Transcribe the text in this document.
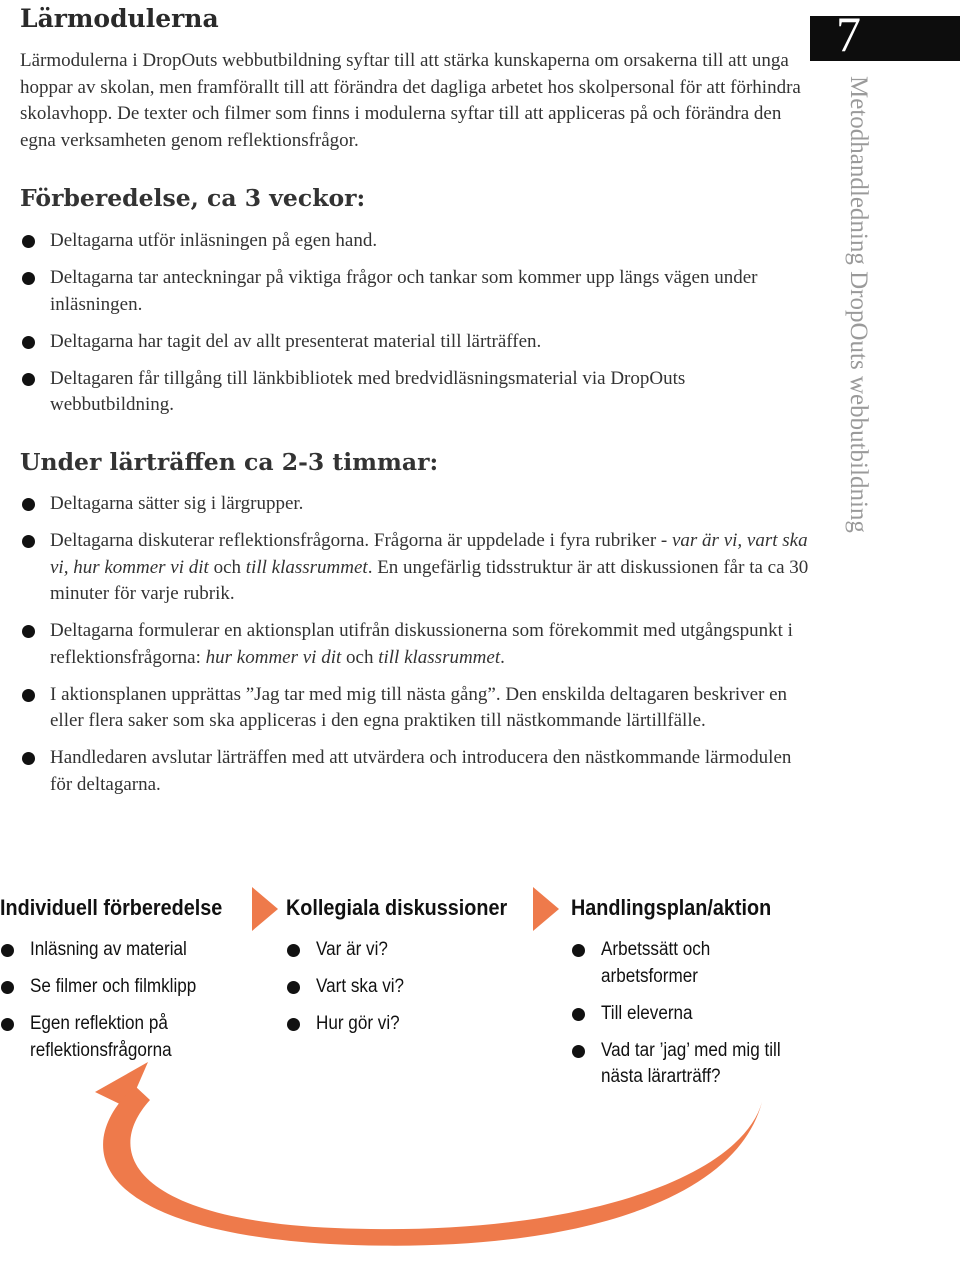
Lärmodulerna	7
Metodhandledning DropOuts webbutbildning

Lärmodulerna i DropOuts webbutbildning syftar till att stärka kunskaperna om orsakerna till att unga hoppar av skolan, men framförallt till att förändra det dagliga arbetet hos skolpersonal för att förhindra skolavhopp. De texter och filmer som finns i modulerna syftar till att appliceras på och förändra den egna verksamheten genom reflektionsfrågor.

Förberedelse, ca 3 veckor:
Deltagarna utför inläsningen på egen hand.
Deltagarna tar anteckningar på viktiga frågor och tankar som kommer upp längs vägen under inläsningen.
Deltagarna har tagit del av allt presenterat material till lärträffen.
Deltagaren får tillgång till länkbibliotek med bredvidläsningsmaterial via DropOuts webbutbildning.
Under lärträffen ca 2-3 timmar:
Deltagarna sätter sig i lärgrupper.
Deltagarna diskuterar reflektionsfrågorna. Frågorna är uppdelade i fyra rubriker - var är vi, vart ska vi, hur kommer vi dit och till klassrummet. En ungefärlig tidsstruktur är att diskussionen får ta ca 30 minuter för varje rubrik.
Deltagarna formulerar en aktionsplan utifrån diskussionerna som förekommit med utgångspunkt i reflektionsfrågorna: hur kommer vi dit och till klassrummet.
I aktionsplanen upprättas ”Jag tar med mig till nästa gång”. Den enskilda deltagaren beskriver en eller flera saker som ska appliceras i den egna praktiken till nästkommande lärtillfälle.
Handledaren avslutar lärträffen med att utvärdera och introducera den nästkommande lärmodulen för deltagarna.
Individuell förberedelse
Inläsning av material
Se filmer och filmklipp
Egen reflektion på reflektionsfrågorna
Kollegiala diskussioner
Var är vi?
Vart ska vi?
Hur gör vi?
Handlingsplan/aktion
Arbetssätt och arbetsformer
Till eleverna
Vad tar ’jag’ med mig till nästa lärarträff?
